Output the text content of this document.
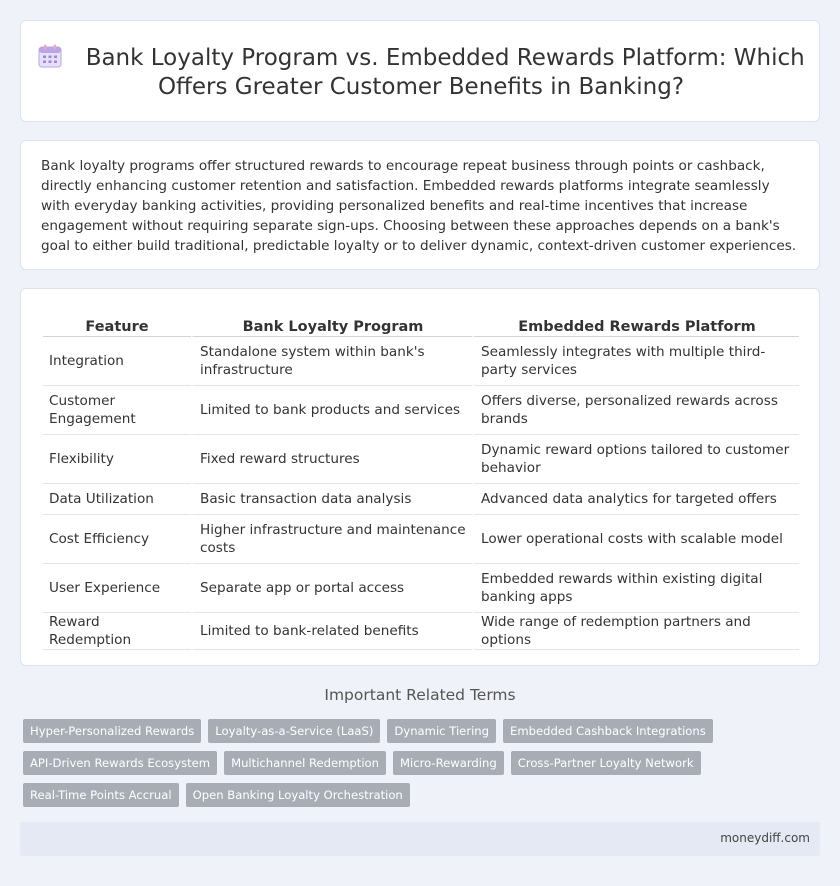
Bank Loyalty Program vs. Embedded Rewards Platform: Which Offers Greater Customer Benefits in Banking?

Bank loyalty programs offer structured rewards to encourage repeat business through points or cashback, directly enhancing customer retention and satisfaction. Embedded rewards platforms integrate seamlessly with everyday banking activities, providing personalized benefits and real-time incentives that increase engagement without requiring separate sign-ups. Choosing between these approaches depends on a bank's goal to either build traditional, predictable loyalty or to deliver dynamic, context-driven customer experiences.

Feature	Bank Loyalty Program	Embedded Rewards Platform
Integration	Standalone system within bank's infrastructure	Seamlessly integrates with multiple third-party services
Customer Engagement	Limited to bank products and services	Offers diverse, personalized rewards across brands
Flexibility	Fixed reward structures	Dynamic reward options tailored to customer behavior
Data Utilization	Basic transaction data analysis	Advanced data analytics for targeted offers
Cost Efficiency	Higher infrastructure and maintenance costs	Lower operational costs with scalable model
User Experience	Separate app or portal access	Embedded rewards within existing digital banking apps
Reward Redemption	Limited to bank-related benefits	Wide range of redemption partners and options
Important Related Terms
Hyper-Personalized Rewards	Loyalty-as-a-Service (LaaS)	Dynamic Tiering	Embedded Cashback Integrations
API-Driven Rewards Ecosystem	Multichannel Redemption	Micro-Rewarding	Cross-Partner Loyalty Network
Real-Time Points Accrual	Open Banking Loyalty Orchestration
moneydiff.com
